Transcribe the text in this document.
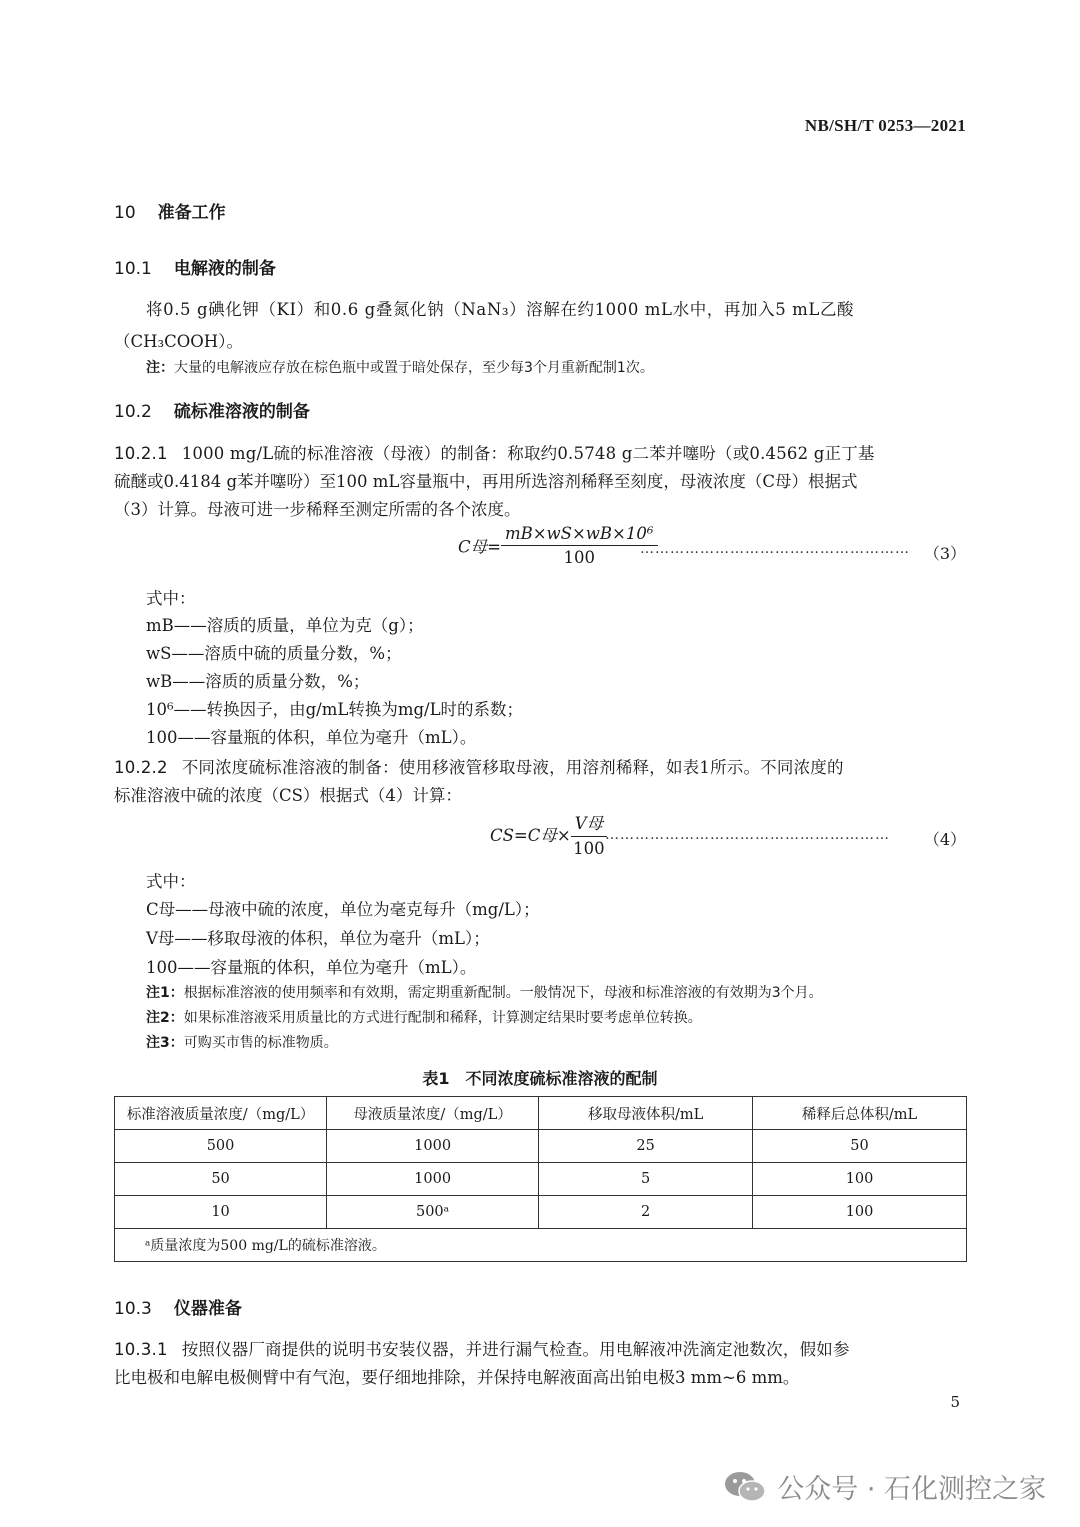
NB/SH/T 0253—2021
10 准备工作
10.1 电解液的制备
将0.5 g碘化钾（KI）和0.6 g叠氮化钠（NaN₃）溶解在约1000 mL水中，再加入5 mL乙酸
（CH₃COOH）。
注：大量的电解液应存放在棕色瓶中或置于暗处保存，至少每3个月重新配制1次。
10.2 硫标准溶液的制备
10.2.1 1000 mg/L硫的标准溶液（母液）的制备：称取约0.5748 g二苯并噻吩（或0.4562 g正丁基
硫醚或0.4184 g苯并噻吩）至100 mL容量瓶中，再用所选溶剂稀释至刻度，母液浓度（C母）根据式
（3）计算。母液可进一步稀释至测定所需的各个浓度。
C母= $\frac{\text{mB×wS×wB×10⁶}}{100}$
……………………………………………… （3）
式中：
mB——溶质的质量，单位为克（g）；
wS——溶质中硫的质量分数，%；
wB——溶质的质量分数，%；
10⁶——转换因子，由g/mL转换为mg/L时的系数；
100——容量瓶的体积，单位为毫升（mL）。
10.2.2 不同浓度硫标准溶液的制备：使用移液管移取母液，用溶剂稀释，如表1所示。不同浓度的
标准溶液中硫的浓度（CS）根据式（4）计算：
CS=C母× $\frac{\text{V母}}{100}$
………………………………………………… （4）
式中：
C母——母液中硫的浓度，单位为毫克每升（mg/L）；
V母——移取母液的体积，单位为毫升（mL）；
100——容量瓶的体积，单位为毫升（mL）。
注1：根据标准溶液的使用频率和有效期，需定期重新配制。一般情况下，母液和标准溶液的有效期为3个月。
注2：如果标准溶液采用质量比的方式进行配制和稀释，计算测定结果时要考虑单位转换。
注3：可购买市售的标准物质。
表1　不同浓度硫标准溶液的配制
标准溶液质量浓度/（mg/L）	母液质量浓度/（mg/L）	移取母液体积/mL	稀释后总体积/mL
500	1000	25	50
50	1000	5	100
10	500ᵃ	2	100
ᵃ质量浓度为500 mg/L的硫标准溶液。			
10.3 仪器准备
10.3.1 按照仪器厂商提供的说明书安装仪器，并进行漏气检查。用电解液冲洗滴定池数次，假如参
比电极和电解电极侧臂中有气泡，要仔细地排除，并保持电解液面高出铂电极3 mm~6 mm。
5
公众号 · 石化测控之家
